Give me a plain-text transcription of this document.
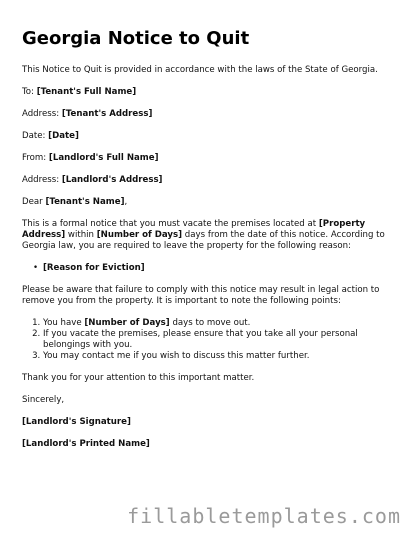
Georgia Notice to Quit

This Notice to Quit is provided in accordance with the laws of the State of Georgia.

To: [Tenant's Full Name]

Address: [Tenant's Address]

Date: [Date]

From: [Landlord's Full Name]

Address: [Landlord's Address]

Dear [Tenant's Name],

This is a formal notice that you must vacate the premises located at [Property Address] within [Number of Days] days from the date of this notice. According to Georgia law, you are required to leave the property for the following reason:

• [Reason for Eviction]

Please be aware that failure to comply with this notice may result in legal action to remove you from the property. It is important to note the following points:

1. You have [Number of Days] days to move out.
2. If you vacate the premises, please ensure that you take all your personal belongings with you.
3. You may contact me if you wish to discuss this matter further.

Thank you for your attention to this important matter.

Sincerely,

[Landlord's Signature]

[Landlord's Printed Name]

fillabletemplates.com
